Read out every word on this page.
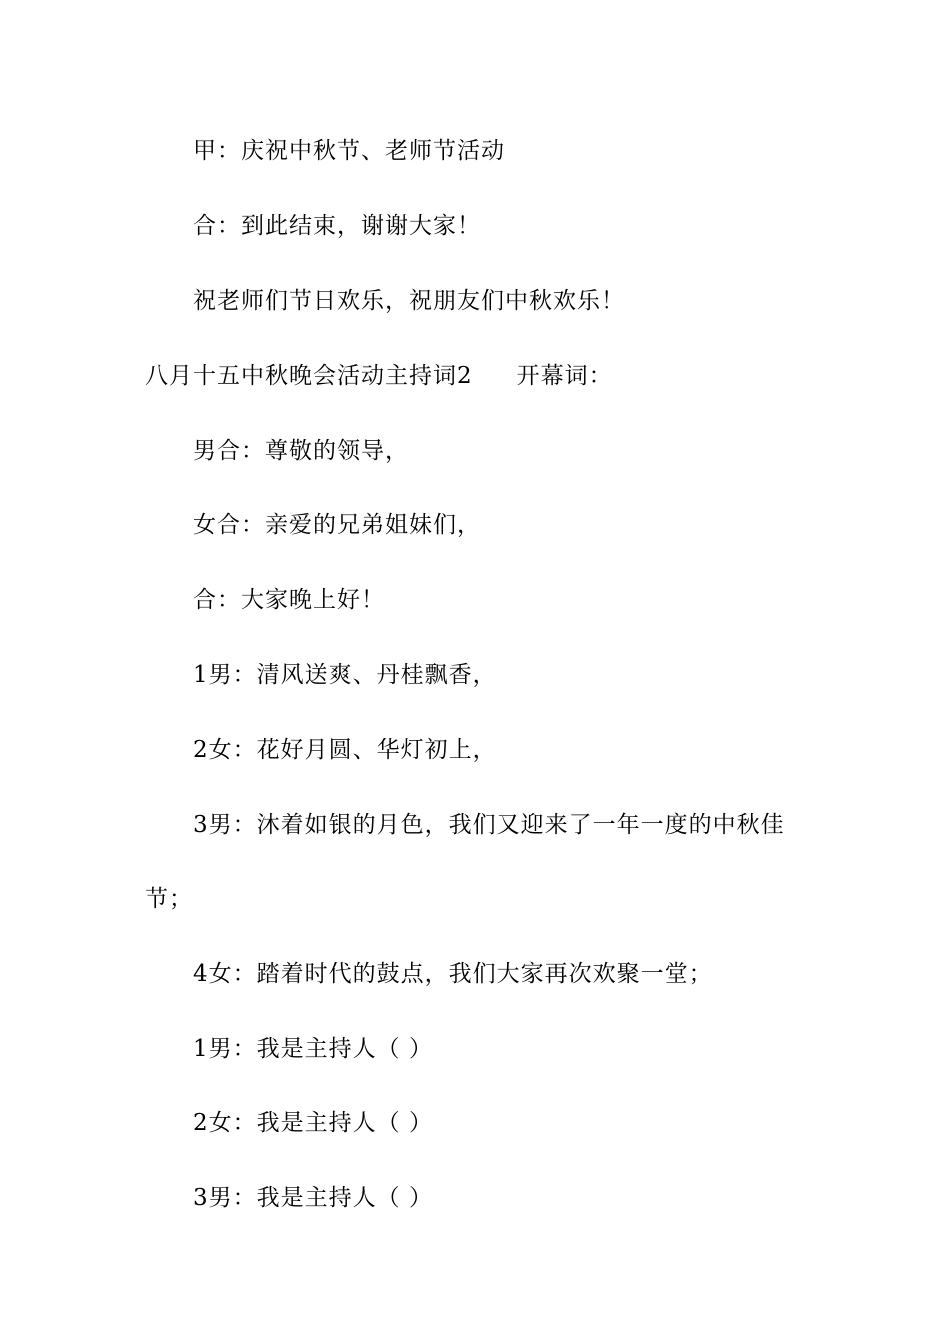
甲：庆祝中秋节、老师节活动
合：到此结束，谢谢大家！
祝老师们节日欢乐，祝朋友们中秋欢乐！
八月十五中秋晚会活动主持词2 开幕词：
男合：尊敬的领导，
女合：亲爱的兄弟姐妹们，
合：大家晚上好！
1男：清风送爽、丹桂飘香，
2女：花好月圆、华灯初上，
3男：沐着如银的月色，我们又迎来了一年一度的中秋佳
节；
4女：踏着时代的鼓点，我们大家再次欢聚一堂；
1男：我是主持人（ ）
2女：我是主持人（ ）
3男：我是主持人（ ）
